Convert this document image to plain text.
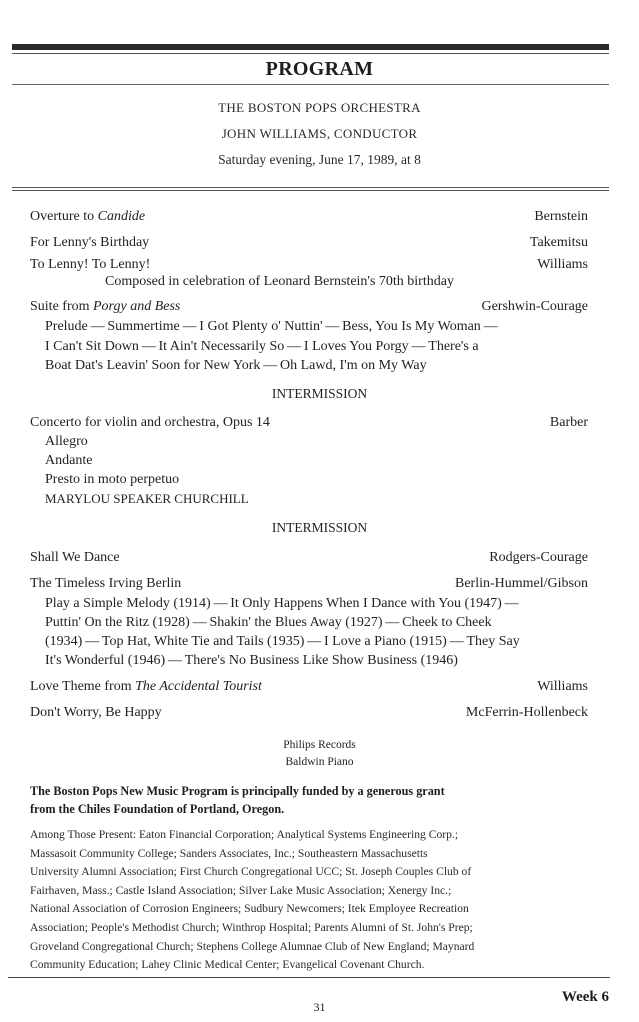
PROGRAM
THE BOSTON POPS ORCHESTRA
JOHN WILLIAMS, CONDUCTOR
Saturday evening, June 17, 1989, at 8
Overture to Candide	Bernstein
For Lenny's Birthday	Takemitsu
To Lenny! To Lenny!	Williams
Composed in celebration of Leonard Bernstein's 70th birthday
Suite from Porgy and Bess	Gershwin-Courage
Prelude — Summertime — I Got Plenty o' Nuttin' — Bess, You Is My Woman —
I Can't Sit Down — It Ain't Necessarily So — I Loves You Porgy — There's a
Boat Dat's Leavin' Soon for New York — Oh Lawd, I'm on My Way
INTERMISSION
Concerto for violin and orchestra, Opus 14	Barber
Allegro
Andante
Presto in moto perpetuo
MARYLOU SPEAKER CHURCHILL
INTERMISSION
Shall We Dance	Rodgers-Courage
The Timeless Irving Berlin	Berlin-Hummel/Gibson
Play a Simple Melody (1914) — It Only Happens When I Dance with You (1947) —
Puttin' On the Ritz (1928) — Shakin' the Blues Away (1927) — Cheek to Cheek
(1934) — Top Hat, White Tie and Tails (1935) — I Love a Piano (1915) — They Say
It's Wonderful (1946) — There's No Business Like Show Business (1946)
Love Theme from The Accidental Tourist	Williams
Don't Worry, Be Happy	McFerrin-Hollenbeck
Philips Records
Baldwin Piano
The Boston Pops New Music Program is principally funded by a generous grant
from the Chiles Foundation of Portland, Oregon.
Among Those Present: Eaton Financial Corporation; Analytical Systems Engineering Corp.;
Massasoit Community College; Sanders Associates, Inc.; Southeastern Massachusetts
University Alumni Association; First Church Congregational UCC; St. Joseph Couples Club of
Fairhaven, Mass.; Castle Island Association; Silver Lake Music Association; Xenergy Inc.;
National Association of Corrosion Engineers; Sudbury Newcomers; Itek Employee Recreation
Association; People's Methodist Church; Winthrop Hospital; Parents Alumni of St. John's Prep;
Groveland Congregational Church; Stephens College Alumnae Club of New England; Maynard
Community Education; Lahey Clinic Medical Center; Evangelical Covenant Church.
31
Week 6
